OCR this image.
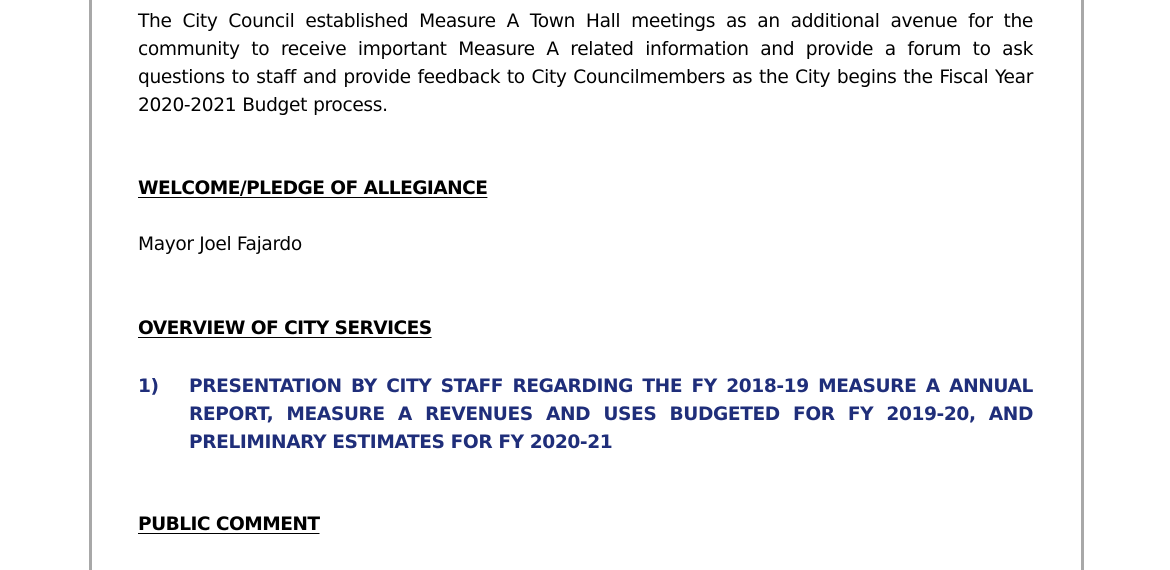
The City Council established Measure A Town Hall meetings as an additional avenue for the community to receive important Measure A related information and provide a forum to ask questions to staff and provide feedback to City Councilmembers as the City begins the Fiscal Year 2020-2021 Budget process.

WELCOME/PLEDGE OF ALLEGIANCE

Mayor Joel Fajardo

OVERVIEW OF CITY SERVICES

1) PRESENTATION BY CITY STAFF REGARDING THE FY 2018-19 MEASURE A ANNUAL REPORT, MEASURE A REVENUES AND USES BUDGETED FOR FY 2019-20, AND PRELIMINARY ESTIMATES FOR FY 2020-21

PUBLIC COMMENT
